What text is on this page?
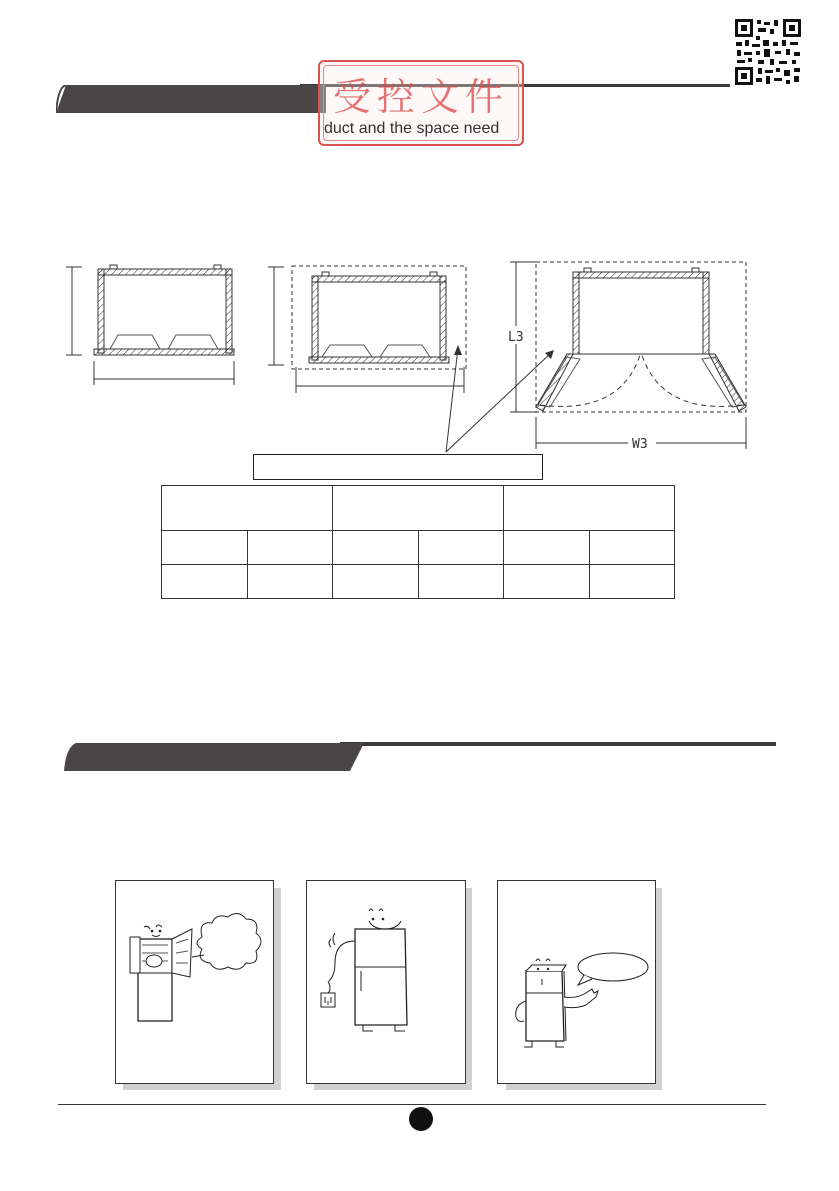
受控文件
duct and the space need
L3
W3
